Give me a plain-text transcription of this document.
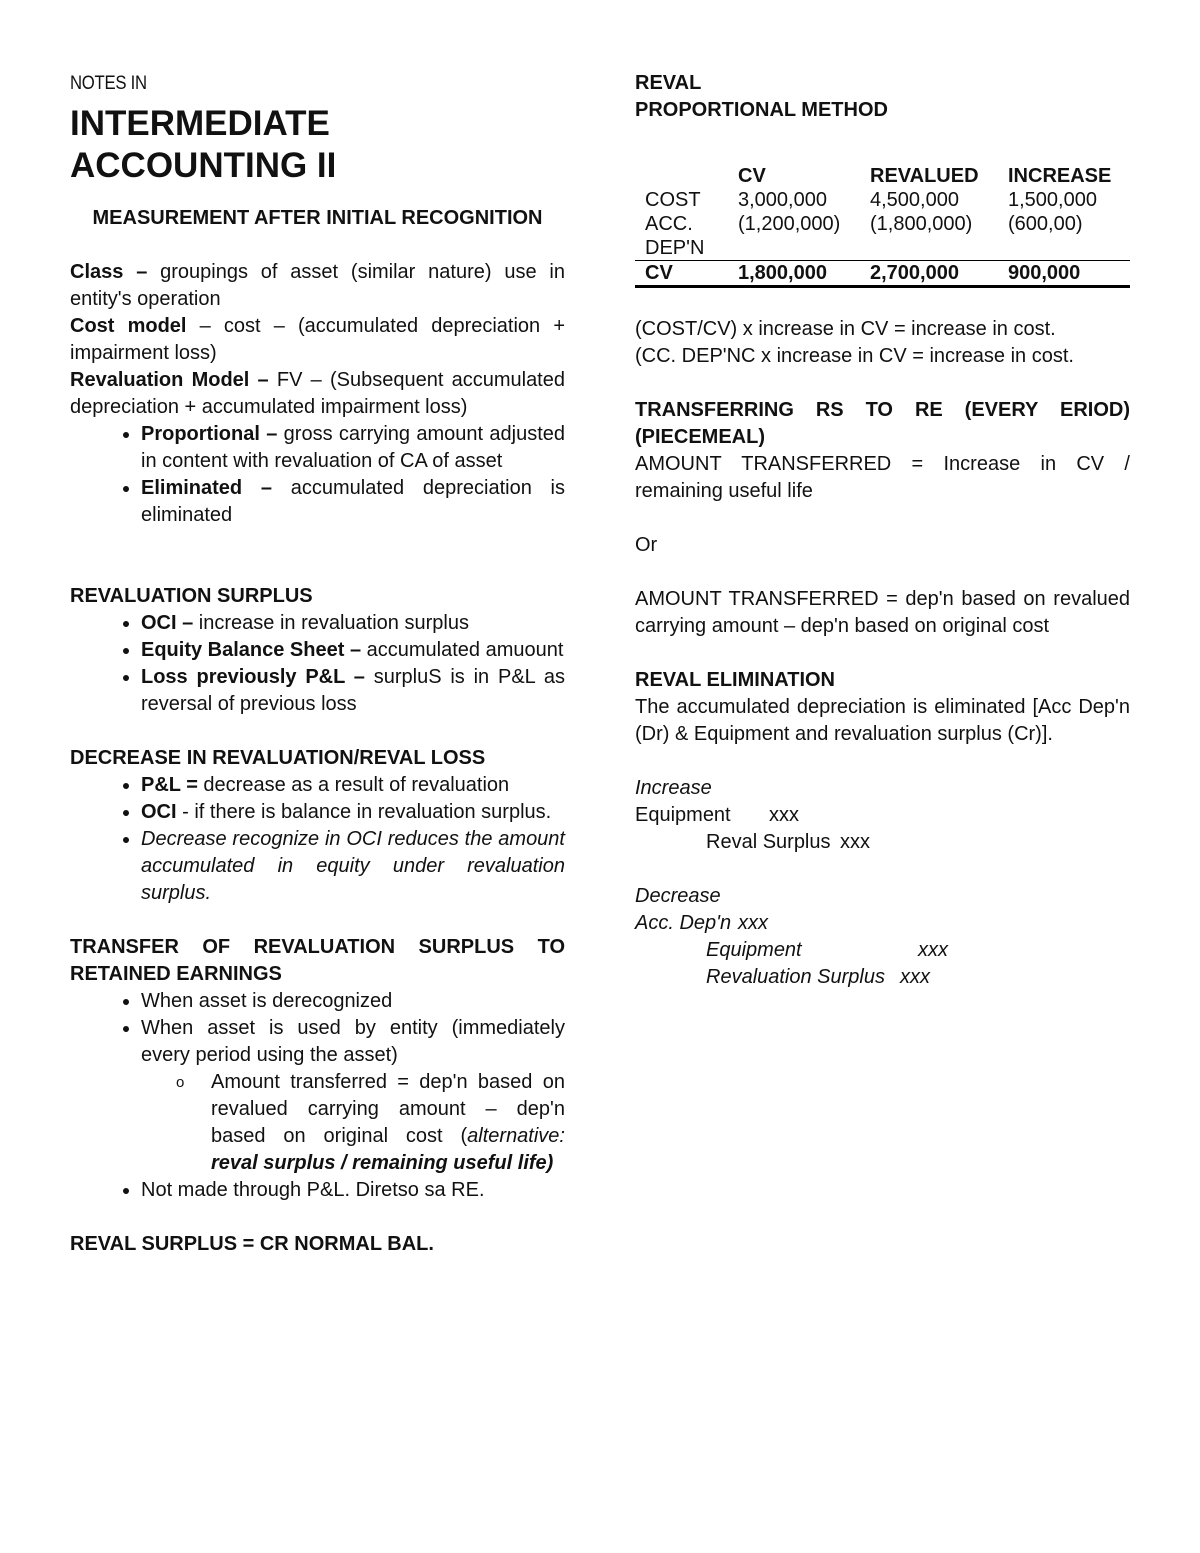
NOTES IN

INTERMEDIATE
ACCOUNTING II

MEASUREMENT AFTER INITIAL RECOGNITION

Class – groupings of asset (similar nature) use in entity's operation

Cost model – cost – (accumulated depreciation + impairment loss)

Revaluation Model – FV – (Subsequent accumulated depreciation + accumulated impairment loss)

• Proportional – gross carrying amount adjusted in content with revaluation of CA of asset
• Eliminated – accumulated depreciation is eliminated

REVALUATION SURPLUS

• OCI – increase in revaluation surplus
• Equity Balance Sheet – accumulated amuount
• Loss previously P&L – surpluS is in P&L as reversal of previous loss

DECREASE IN REVALUATION/REVAL LOSS

• P&L = decrease as a result of revaluation
• OCI - if there is balance in revaluation surplus.
• Decrease recognize in OCI reduces the amount accumulated in equity under revaluation surplus.

TRANSFER OF REVALUATION SURPLUS TO RETAINED EARNINGS

• When asset is derecognized
• When asset is used by entity (immediately every period using the asset)
o Amount transferred = dep'n based on revalued carrying amount – dep'n based on original cost (alternative: reval surplus / remaining useful life)
• Not made through P&L. Diretso sa RE.

REVAL SURPLUS = CR NORMAL BAL.

REVAL

PROPORTIONAL METHOD

	CV	REVALUED	INCREASE
COST	3,000,000	4,500,000	1,500,000
ACC. DEP'N	(1,200,000)	(1,800,000)	(600,00)
CV	1,800,000	2,700,000	900,000

(COST/CV) x increase in CV = increase in cost.

(CC. DEP'NC x increase in CV = increase in cost.

TRANSFERRING RS TO RE (EVERY ERIOD) (PIECEMEAL)

AMOUNT TRANSFERRED = Increase in CV / remaining useful life

Or

AMOUNT TRANSFERRED = dep'n based on revalued carrying amount – dep'n based on original cost

REVAL ELIMINATION

The accumulated depreciation is eliminated [Acc Dep'n (Dr) & Equipment and revaluation surplus (Cr)].

Increase

Equipment xxx

Reval Surplus xxx

Decrease

Acc. Dep'n xxx

Equipment	xxx

Revaluation Surplus xxx
